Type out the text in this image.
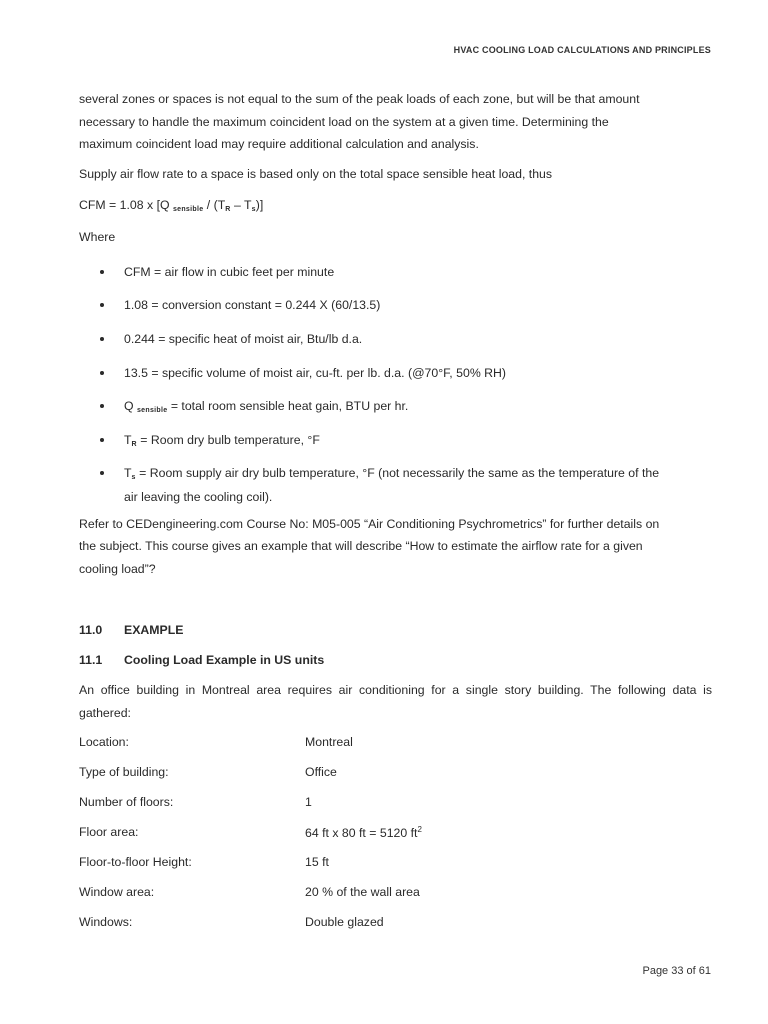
HVAC COOLING LOAD CALCULATIONS AND PRINCIPLES
several zones or spaces is not equal to the sum of the peak loads of each zone, but will be that amount
necessary to handle the maximum coincident load on the system at a given time. Determining the
maximum coincident load may require additional calculation and analysis.
Supply air flow rate to a space is based only on the total space sensible heat load, thus
CFM = 1.08 x [Q $_{sensible} / (T_R - T_s)$]
Where
CFM = air flow in cubic feet per minute
1.08 = conversion constant = 0.244 X (60/13.5)
0.244 = specific heat of moist air, Btu/lb d.a.
13.5 = specific volume of moist air, cu-ft. per lb. d.a. (@70°F, 50% RH)
Q $_{sensible}$ = total room sensible heat gain, BTU per hr.
$T_R$ = Room dry bulb temperature, °F
$T_s$ = Room supply air dry bulb temperature, °F (not necessarily the same as the temperature of the
air leaving the cooling coil).
Refer to CEDengineering.com Course No: M05-005 “Air Conditioning Psychrometrics” for further details on
the subject. This course gives an example that will describe “How to estimate the airflow rate for a given
cooling load”?
11.0 EXAMPLE
11.1 Cooling Load Example in US units
An office building in Montreal area requires air conditioning for a single story building. The following data is
gathered:
Location:	Montreal
Type of building:	Office
Number of floors:	1
Floor area:	64 ft x 80 ft = 5120 $ft^2$
Floor-to-floor Height:	15 ft
Window area:	20 % of the wall area
Windows:	Double glazed
Page 33 of 61
